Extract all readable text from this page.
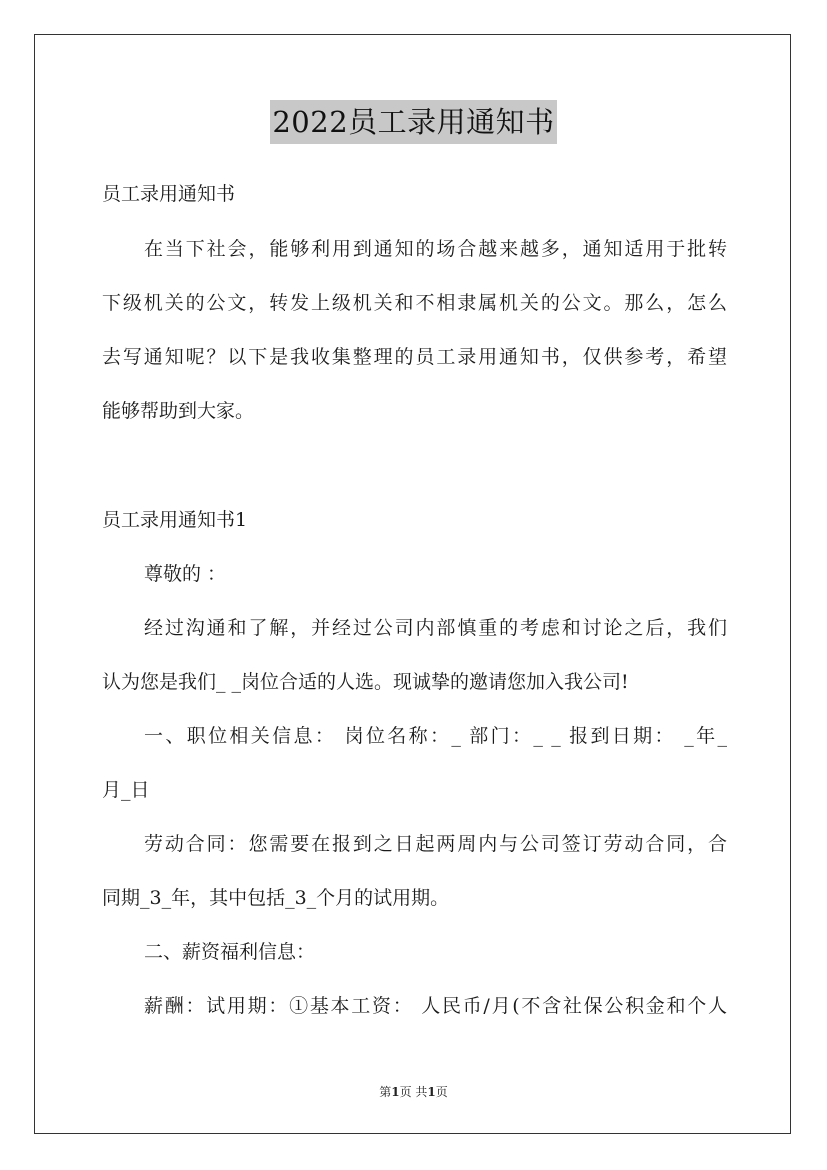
2022员工录用通知书
员工录用通知书
在当下社会，能够利用到通知的场合越来越多，通知适用于批转
下级机关的公文，转发上级机关和不相隶属机关的公文。那么，怎么
去写通知呢？以下是我收集整理的员工录用通知书，仅供参考，希望
能够帮助到大家。
员工录用通知书1
尊敬的 ：
经过沟通和了解，并经过公司内部慎重的考虑和讨论之后，我们
认为您是我们_ _岗位合适的人选。现诚挚的邀请您加入我公司!
一、职位相关信息： 岗位名称：_ 部门：_ _ 报到日期： _年_
月_日
劳动合同：您需要在报到之日起两周内与公司签订劳动合同，合
同期_3_年，其中包括_3_个月的试用期。
二、薪资福利信息：
薪酬：试用期：①基本工资： 人民币/月(不含社保公积金和个人
第1页 共1页
